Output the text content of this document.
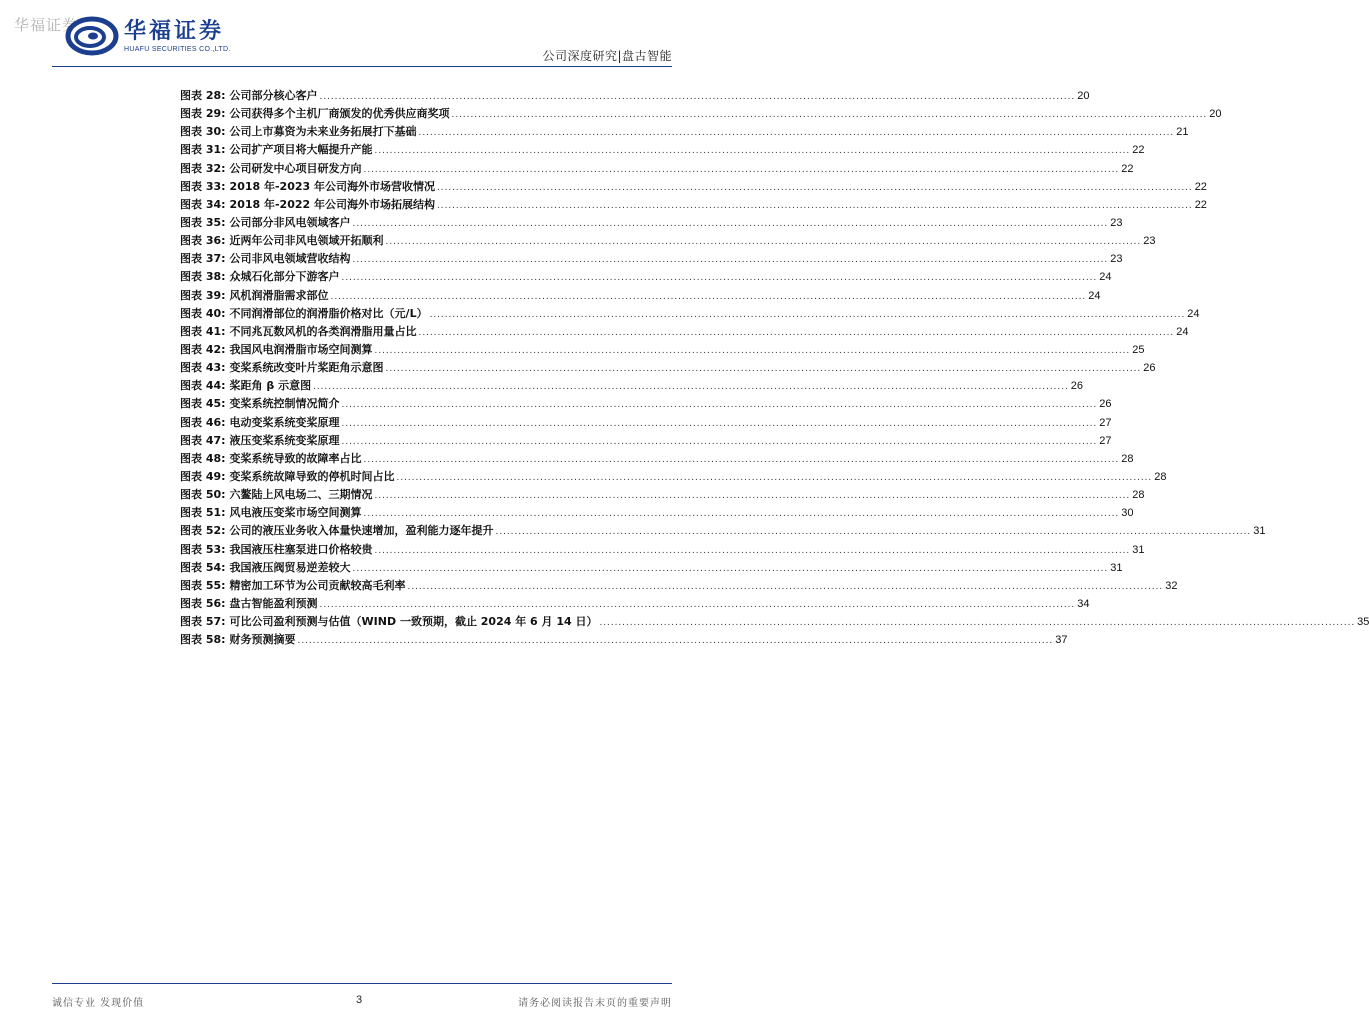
华福证券 华福证券
HUAFU SECURITIES CO.,LTD.	公司深度研究|盘古智能
图表 28: 公司部分核心客户 ........................................................................................................................................................................................................ 20
图表 29: 公司获得多个主机厂商颁发的优秀供应商奖项 ........................................................................................................................................................................................................ 20
图表 30: 公司上市募资为未来业务拓展打下基础 ........................................................................................................................................................................................................ 21
图表 31: 公司扩产项目将大幅提升产能 ........................................................................................................................................................................................................ 22
图表 32: 公司研发中心项目研发方向 ........................................................................................................................................................................................................ 22
图表 33: 2018 年-2023 年公司海外市场营收情况 ........................................................................................................................................................................................................ 22
图表 34: 2018 年-2022 年公司海外市场拓展结构 ........................................................................................................................................................................................................ 22
图表 35: 公司部分非风电领域客户 ........................................................................................................................................................................................................ 23
图表 36: 近两年公司非风电领域开拓顺利 ........................................................................................................................................................................................................ 23
图表 37: 公司非风电领域营收结构 ........................................................................................................................................................................................................ 23
图表 38: 众城石化部分下游客户 ........................................................................................................................................................................................................ 24
图表 39: 风机润滑脂需求部位 ........................................................................................................................................................................................................ 24
图表 40: 不同润滑部位的润滑脂价格对比（元/L） ........................................................................................................................................................................................................ 24
图表 41: 不同兆瓦数风机的各类润滑脂用量占比 ........................................................................................................................................................................................................ 24
图表 42: 我国风电润滑脂市场空间测算 ........................................................................................................................................................................................................ 25
图表 43: 变桨系统改变叶片桨距角示意图 ........................................................................................................................................................................................................ 26
图表 44: 桨距角 β 示意图 ........................................................................................................................................................................................................ 26
图表 45: 变桨系统控制情况简介 ........................................................................................................................................................................................................ 26
图表 46: 电动变桨系统变桨原理 ........................................................................................................................................................................................................ 27
图表 47: 液压变桨系统变桨原理 ........................................................................................................................................................................................................ 27
图表 48: 变桨系统导致的故障率占比 ........................................................................................................................................................................................................ 28
图表 49: 变桨系统故障导致的停机时间占比 ........................................................................................................................................................................................................ 28
图表 50: 六鳌陆上风电场二、三期情况 ........................................................................................................................................................................................................ 28
图表 51: 风电液压变桨市场空间测算 ........................................................................................................................................................................................................ 30
图表 52: 公司的液压业务收入体量快速增加，盈利能力逐年提升 ........................................................................................................................................................................................................ 31
图表 53: 我国液压柱塞泵进口价格较贵 ........................................................................................................................................................................................................ 31
图表 54: 我国液压阀贸易逆差较大 ........................................................................................................................................................................................................ 31
图表 55: 精密加工环节为公司贡献较高毛利率 ........................................................................................................................................................................................................ 32
图表 56: 盘古智能盈利预测 ........................................................................................................................................................................................................ 34
图表 57: 可比公司盈利预测与估值（WIND 一致预期，截止 2024 年 6 月 14 日） ........................................................................................................................................................................................................ 35
图表 58: 财务预测摘要 ........................................................................................................................................................................................................ 37
诚信专业 发现价值	3	请务必阅读报告末页的重要声明
